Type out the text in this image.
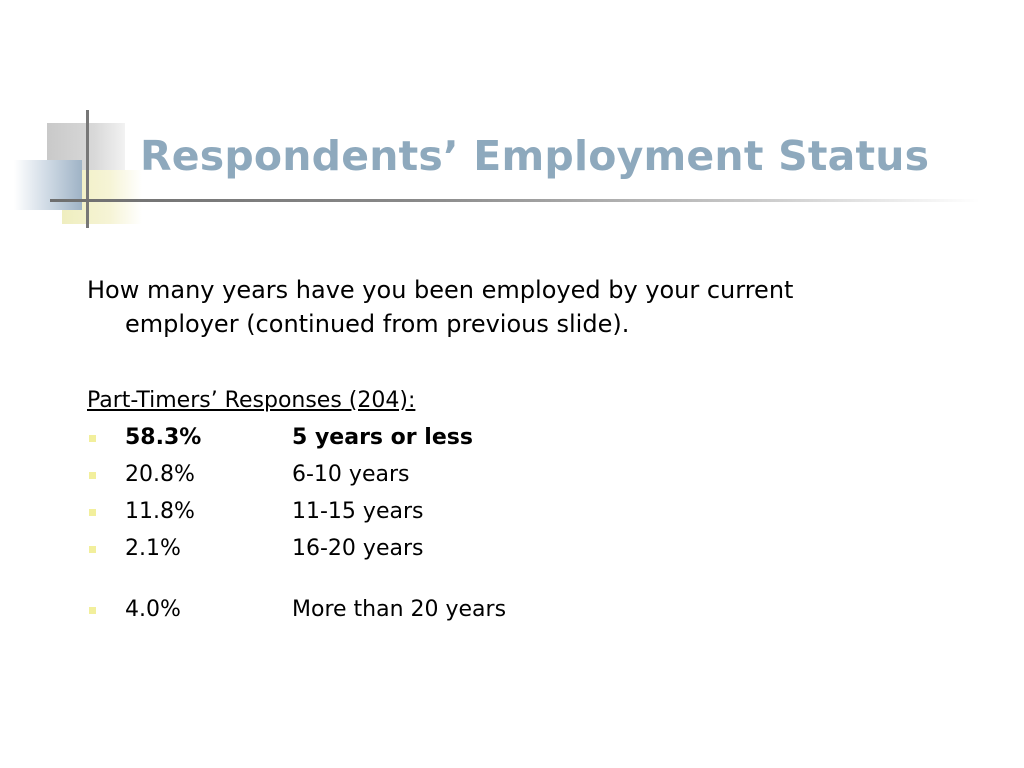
Respondents’ Employment Status

How many years have you been employed by your current
employer (continued from previous slide).

Part-Timers’ Responses (204):

58.3%	5 years or less
20.8%	6-10 years
11.8%	11-15 years
2.1%	16-20 years
4.0%	More than 20 years
